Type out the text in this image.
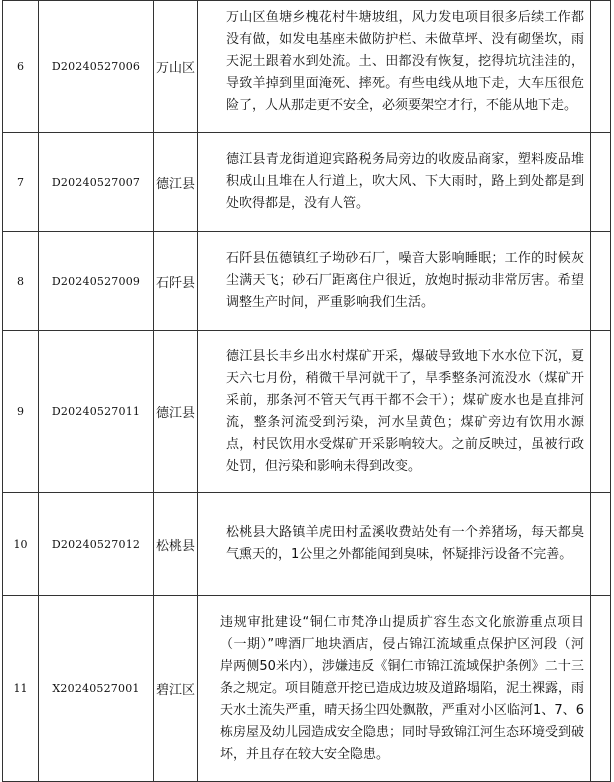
6	D20240527006	万山区	万山区鱼塘乡槐花村牛塘坡组，风力发电项目很多后续工作都没有做，如发电基座未做防护栏、未做草坪、没有砌堡坎，雨天泥土跟着水到处流。土、田都没有恢复，挖得坑坑洼洼的，导致羊掉到里面淹死、摔死。有些电线从地下走，大车压很危险了，人从那走更不安全，必须要架空才行，不能从地下走。	

7	D20240527007	德江县	德江县青龙街道迎宾路税务局旁边的收废品商家，塑料废品堆积成山且堆在人行道上，吹大风、下大雨时，路上到处都是到处吹得都是，没有人管。	

8	D20240527009	石阡县	石阡县伍德镇红子坳砂石厂，噪音大影响睡眠；工作的时候灰尘满天飞；砂石厂距离住户很近，放炮时振动非常厉害。希望调整生产时间，严重影响我们生活。	

9	D20240527011	德江县	德江县长丰乡出水村煤矿开采，爆破导致地下水水位下沉，夏天六七月份，稍微干旱河就干了，旱季整条河流没水（煤矿开采前，那条河不管天气再干都不会干）；煤矿废水也是直排河流，整条河流受到污染，河水呈黄色；煤矿旁边有饮用水源点，村民饮用水受煤矿开采影响较大。之前反映过，虽被行政处罚，但污染和影响未得到改变。	

10	D20240527012	松桃县	松桃县大路镇羊虎田村孟溪收费站处有一个养猪场，每天都臭气熏天的，1公里之外都能闻到臭味，怀疑排污设备不完善。	

11	X20240527001	碧江区	违规审批建设“铜仁市梵净山提质扩容生态文化旅游重点项目（一期）”啤酒厂地块酒店，侵占锦江流域重点保护区河段（河岸两侧50米内），涉嫌违反《铜仁市锦江流域保护条例》二十三条之规定。项目随意开挖已造成边坡及道路塌陷，泥土裸露，雨天水土流失严重，晴天扬尘四处飘散，严重对小区临河1、7、6栋房屋及幼儿园造成安全隐患；同时导致锦江河生态环境受到破坏，并且存在较大安全隐患。	
